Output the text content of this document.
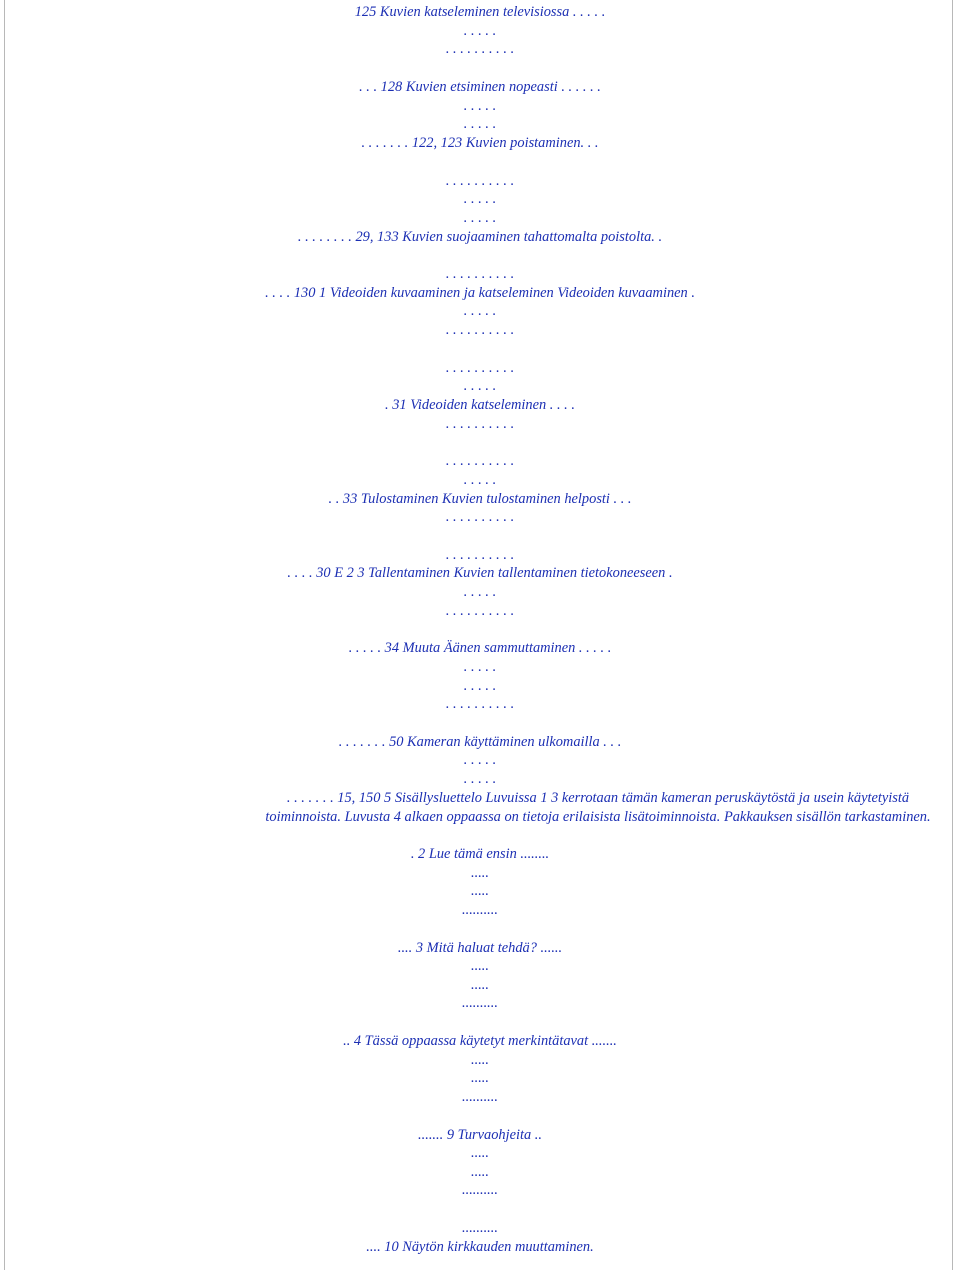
125 Kuvien katseleminen televisiossa . . . . .
. . . . .
. . . . . . . . . .
. . . 128 Kuvien etsiminen nopeasti . . . . . .
. . . . .
. . . . .
. . . . . . . 122, 123 Kuvien poistaminen. . .
. . . . . . . . . .
. . . . .
. . . . .
. . . . . . . . 29, 133 Kuvien suojaaminen tahattomalta poistolta. .
. . . . . . . . . .
. . . . 130 1 Videoiden kuvaaminen ja katseleminen Videoiden kuvaaminen .
. . . . .
. . . . . . . . . .
. . . . . . . . . .
. . . . .
. 31 Videoiden katseleminen . . . .
. . . . . . . . . .
. . . . . . . . . .
. . . . .
. . 33 Tulostaminen Kuvien tulostaminen helposti . . .
. . . . . . . . . .
. . . . . . . . . .
. . . . 30 E 2 3 Tallentaminen Kuvien tallentaminen tietokoneeseen .
. . . . .
. . . . . . . . . .
. . . . . 34 Muuta Äänen sammuttaminen . . . . .
. . . . .
. . . . .
. . . . . . . . . .
. . . . . . . 50 Kameran käyttäminen ulkomailla . . .
. . . . .
. . . . .
. . . . . . . 15, 150 5 Sisällysluettelo Luvuissa 1 3 kerrotaan tämän kameran peruskäytöstä ja usein käytetyistä toiminnoista. Luvusta 4 alkaen oppaassa on tietoja erilaisista lisätoiminnoista. Pakkauksen sisällön tarkastaminen.
. 2 Lue tämä ensin ........
.....
.....
..........
.... 3 Mitä haluat tehdä? ......
.....
.....
..........
.. 4 Tässä oppaassa käytetyt merkintätavat .......
.....
.....
..........
....... 9 Turvaohjeita ..
.....
.....
..........
..........
.... 10 Näytön kirkkauden muuttaminen.
